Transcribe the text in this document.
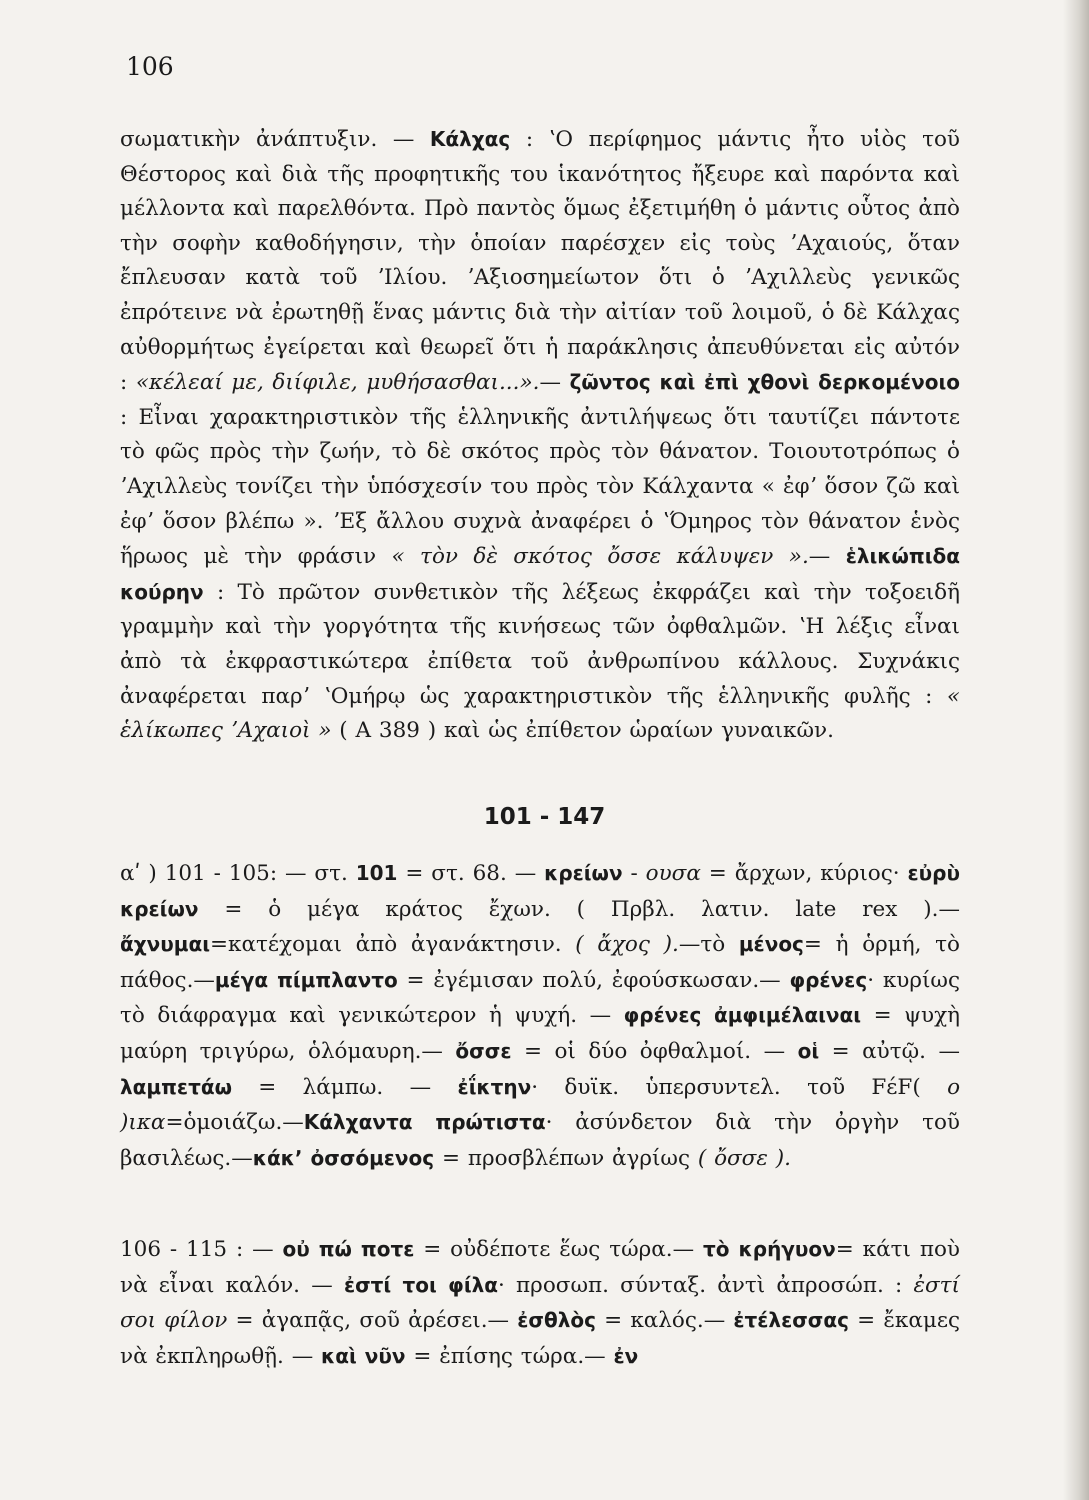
106

σωματικὴν ἀνάπτυξιν. — Κάλχας : ʽΟ περίφημος μάντις ἦτο υἱὸς τοῦ Θέστορος καὶ διὰ τῆς προφητικῆς του ἱκανότητος ἤξευρε καὶ παρόντα καὶ μέλλοντα καὶ παρελθόντα. Πρὸ παντὸς ὅμως ἐξετιμήθη ὁ μάντις οὗτος ἀπὸ τὴν σοφὴν καθοδήγησιν, τὴν ὁποίαν παρέσχεν εἰς τοὺς ʼΑχαιούς, ὅταν ἔπλευσαν κατὰ τοῦ ʼΙλίου. ʼΑξιοσημείωτον ὅτι ὁ ʼΑχιλλεὺς γενικῶς ἐπρότεινε νὰ ἐρωτηθῇ ἕνας μάντις διὰ τὴν αἰτίαν τοῦ λοιμοῦ, ὁ δὲ Κάλχας αὐθορμήτως ἐγείρεται καὶ θεωρεῖ ὅτι ἡ παράκλησις ἀπευθύνεται εἰς αὐτόν : «κέλεαί με, διίφιλε, μυθήσασθαι...».— ζῶντος καὶ ἐπὶ χθονὶ δερκομένοιο : Εἶναι χαρακτηριστικὸν τῆς ἑλληνικῆς ἀντιλήψεως ὅτι ταυτίζει πάντοτε τὸ φῶς πρὸς τὴν ζωήν, τὸ δὲ σκότος πρὸς τὸν θάνατον. Τοιουτοτρόπως ὁ ʼΑχιλλεὺς τονίζει τὴν ὑπόσχεσίν του πρὸς τὸν Κάλχαντα « ἐφʼ ὅσον ζῶ καὶ ἐφʼ ὅσον βλέπω ». ʼΕξ ἄλλου συχνὰ ἀναφέρει ὁ ʽΌμηρος τὸν θάνατον ἑνὸς ἥρωος μὲ τὴν φράσιν « τὸν δὲ σκότος ὄσσε κάλυψεν ».— ἑλικώπιδα κούρην : Τὸ πρῶτον συνθετικὸν τῆς λέξεως ἐκφράζει καὶ τὴν τοξοειδῆ γραμμὴν καὶ τὴν γοργότητα τῆς κινήσεως τῶν ὀφθαλμῶν. ʽΗ λέξις εἶναι ἀπὸ τὰ ἐκφραστικώτερα ἐπίθετα τοῦ ἀνθρωπίνου κάλλους. Συχνάκις ἀναφέρεται παρʼ ʽΟμήρῳ ὡς χαρακτηριστικὸν τῆς ἑλληνικῆς φυλῆς : « ἑλίκωπες ʼΑχαιοὶ » ( Α 389 ) καὶ ὡς ἐπίθετον ὡραίων γυναικῶν.

101 - 147

αʹ ) 101 - 105: — στ. 101 = στ. 68. — κρείων - ουσα = ἄρχων, κύριος· εὐρὺ κρείων = ὁ μέγα κράτος ἔχων. ( Πρβλ. λατιν. late rex ).— ἄχνυμαι=κατέχομαι ἀπὸ ἀγανάκτησιν. ( ἄχος ).—τὸ μένος= ἡ ὁρμή, τὸ πάθος.—μέγα πίμπλαντο = ἐγέμισαν πολύ, ἐφούσκωσαν.— φρένες· κυρίως τὸ διάφραγμα καὶ γενικώτερον ἡ ψυχή. — φρένες ἀμφιμέλαιναι = ψυχὴ μαύρη τριγύρω, ὁλόμαυρη.— ὄσσε = οἱ δύο ὀφθαλμοί. — οἱ = αὐτῷ. — λαμπετάω = λάμπω. — ἐΐκτην· δυϊκ. ὑπερσυντελ. τοῦ FέF( ο )ικα=ὁμοιάζω.—Κάλχαντα πρώτιστα· ἀσύνδετον διὰ τὴν ὀργὴν τοῦ βασιλέως.—κάκʼ ὀσσόμενος = προσβλέπων ἀγρίως ( ὄσσε ).

106 - 115 : — οὐ πώ ποτε = οὐδέποτε ἕως τώρα.— τὸ κρήγυον= κάτι ποὺ νὰ εἶναι καλόν. — ἐστί τοι φίλα· προσωπ. σύνταξ. ἀντὶ ἀπροσώπ. : ἐστί σοι φίλον = ἀγαπᾷς, σοῦ ἀρέσει.— ἐσθλὸς = καλός.— ἐτέλεσσας = ἔκαμες νὰ ἐκπληρωθῇ. — καὶ νῦν = ἐπίσης τώρα.— ἐν
